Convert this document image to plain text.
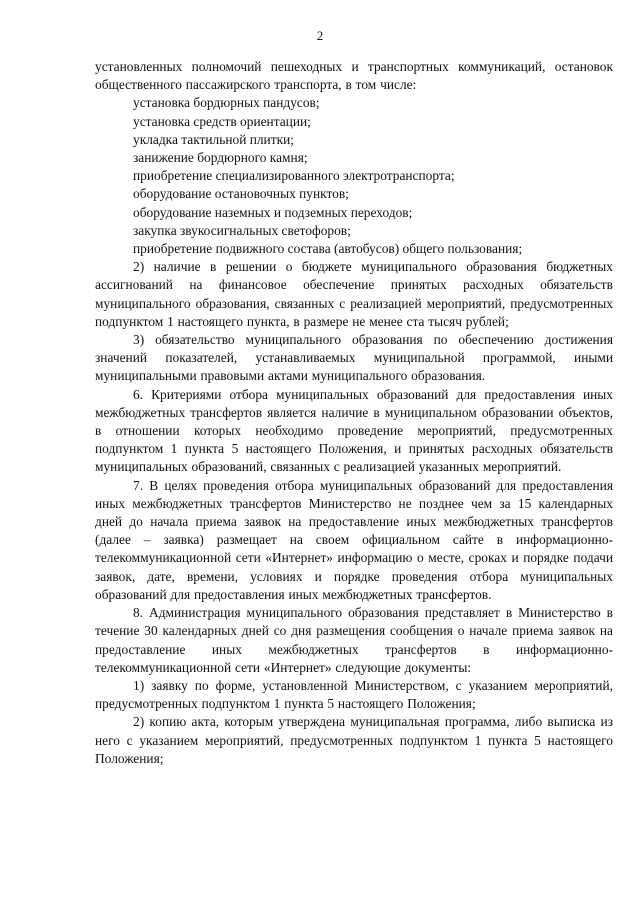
2

установленных полномочий пешеходных и транспортных коммуникаций, остановок общественного пассажирского транспорта, в том числе:

установка бордюрных пандусов;

установка средств ориентации;

укладка тактильной плитки;

занижение бордюрного камня;

приобретение специализированного электротранспорта;

оборудование остановочных пунктов;

оборудование наземных и подземных переходов;

закупка звукосигнальных светофоров;

приобретение подвижного состава (автобусов) общего пользования;

2) наличие в решении о бюджете муниципального образования бюджетных ассигнований на финансовое обеспечение принятых расходных обязательств муниципального образования, связанных с реализацией мероприятий, предусмотренных подпунктом 1 настоящего пункта, в размере не менее ста тысяч рублей;

3) обязательство муниципального образования по обеспечению достижения значений показателей, устанавливаемых муниципальной программой, иными муниципальными правовыми актами муниципального образования.

6. Критериями отбора муниципальных образований для предоставления иных межбюджетных трансфертов является наличие в муниципальном образовании объектов, в отношении которых необходимо проведение мероприятий, предусмотренных подпунктом 1 пункта 5 настоящего Положения, и принятых расходных обязательств муниципальных образований, связанных с реализацией указанных мероприятий.

7. В целях проведения отбора муниципальных образований для предоставления иных межбюджетных трансфертов Министерство не позднее чем за 15 календарных дней до начала приема заявок на предоставление иных межбюджетных трансфертов (далее – заявка) размещает на своем официальном сайте в информационно-телекоммуникационной сети «Интернет» информацию о месте, сроках и порядке подачи заявок, дате, времени, условиях и порядке проведения отбора муниципальных образований для предоставления иных межбюджетных трансфертов.

8. Администрация муниципального образования представляет в Министерство в течение 30 календарных дней со дня размещения сообщения о начале приема заявок на предоставление иных межбюджетных трансфертов в информационно-телекоммуникационной сети «Интернет» следующие документы:

1) заявку по форме, установленной Министерством, с указанием мероприятий, предусмотренных подпунктом 1 пункта 5 настоящего Положения;

2) копию акта, которым утверждена муниципальная программа, либо выписка из него с указанием мероприятий, предусмотренных подпунктом 1 пункта 5 настоящего Положения;
